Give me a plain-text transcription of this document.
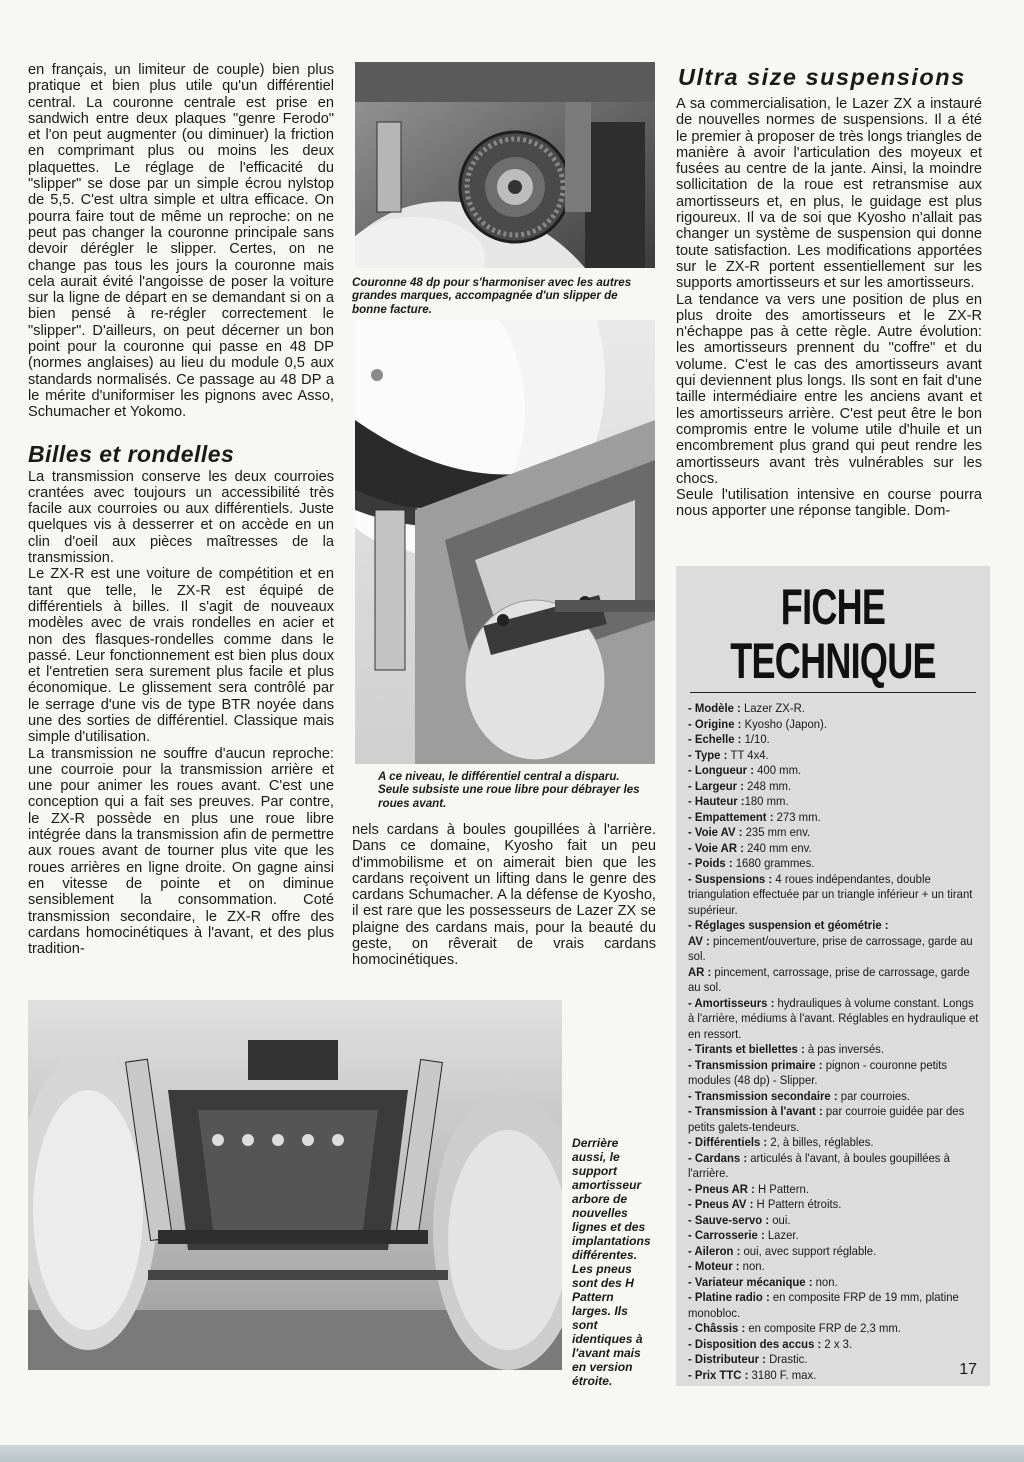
en français, un limiteur de couple) bien plus pratique et bien plus utile qu'un différentiel central. La couronne centrale est prise en sandwich entre deux plaques "genre Ferodo" et l'on peut augmenter (ou diminuer) la friction en comprimant plus ou moins les deux plaquettes. Le réglage de l'efficacité du "slipper" se dose par un simple écrou nylstop de 5,5. C'est ultra simple et ultra efficace. On pourra faire tout de même un reproche: on ne peut pas changer la couronne principale sans devoir dérégler le slipper. Certes, on ne change pas tous les jours la couronne mais cela aurait évité l'angoisse de poser la voiture sur la ligne de départ en se demandant si on a bien pensé à re-régler correctement le "slipper". D'ailleurs, on peut décerner un bon point pour la couronne qui passe en 48 DP (normes anglaises) au lieu du module 0,5 aux standards normalisés. Ce passage au 48 DP a le mérite d'uniformiser les pignons avec Asso, Schumacher et Yokomo.

Billes et rondelles

La transmission conserve les deux courroies crantées avec toujours un accessibilité très facile aux courroies ou aux différentiels. Juste quelques vis à desserrer et on accède en un clin d'oeil aux pièces maîtresses de la transmission.

Le ZX-R est une voiture de compétition et en tant que telle, le ZX-R est équipé de différentiels à billes. Il s'agit de nouveaux modèles avec de vrais rondelles en acier et non des flasques-rondelles comme dans le passé. Leur fonctionnement est bien plus doux et l'entretien sera surement plus facile et plus économique. Le glissement sera contrôlé par le serrage d'une vis de type BTR noyée dans une des sorties de différentiel. Classique mais simple d'utilisation.

La transmission ne souffre d'aucun reproche: une courroie pour la transmission arrière et une pour animer les roues avant. C'est une conception qui a fait ses preuves. Par contre, le ZX-R possède en plus une roue libre intégrée dans la transmission afin de permettre aux roues avant de tourner plus vite que les roues arrières en ligne droite. On gagne ainsi en vitesse de pointe et on diminue sensiblement la consommation. Coté transmission secondaire, le ZX-R offre des cardans homocinétiques à l'avant, et des plus tradition-

Couronne 48 dp pour s'harmoniser avec les autres grandes marques, accompagnée d'un slipper de bonne facture.

A ce niveau, le différentiel central a disparu. Seule subsiste une roue libre pour débrayer les roues avant.

nels cardans à boules goupillées à l'arrière. Dans ce domaine, Kyosho fait un peu d'immobilisme et on aimerait bien que les cardans reçoivent un lifting dans le genre des cardans Schumacher. A la défense de Kyosho, il est rare que les possesseurs de Lazer ZX se plaigne des cardans mais, pour la beauté du geste, on rêverait de vrais cardans homocinétiques.

Ultra size suspensions

A sa commercialisation, le Lazer ZX a instauré de nouvelles normes de suspensions. Il a été le premier à proposer de très longs triangles de manière à avoir l'articulation des moyeux et fusées au centre de la jante. Ainsi, la moindre sollicitation de la roue est retransmise aux amortisseurs et, en plus, le guidage est plus rigoureux. Il va de soi que Kyosho n'allait pas changer un système de suspension qui donne toute satisfaction. Les modifications apportées sur le ZX-R portent essentiellement sur les supports amortisseurs et sur les amortisseurs.

La tendance va vers une position de plus en plus droite des amortisseurs et le ZX-R n'échappe pas à cette règle. Autre évolution: les amortisseurs prennent du "coffre" et du volume. C'est le cas des amortisseurs avant qui deviennent plus longs. Ils sont en fait d'une taille intermédiaire entre les anciens avant et les amortisseurs arrière. C'est peut être le bon compromis entre le volume utile d'huile et un encombrement plus grand qui peut rendre les amortisseurs avant très vulnérables sur les chocs.

Seule l'utilisation intensive en course pourra nous apporter une réponse tangible. Dom-

FICHE TECHNIQUE
- Modèle : Lazer ZX-R.
- Origine : Kyosho (Japon).
- Echelle : 1/10.
- Type : TT 4x4.
- Longueur : 400 mm.
- Largeur : 248 mm.
- Hauteur :180 mm.
- Empattement : 273 mm.
- Voie AV : 235 mm env.
- Voie AR : 240 mm env.
- Poids : 1680 grammes.
- Suspensions : 4 roues indépendantes, double triangulation effectuée par un triangle inférieur + un tirant supérieur.
- Réglages suspension et géométrie :
AV : pincement/ouverture, prise de carrossage, garde au sol.
AR : pincement, carrossage, prise de carrossage, garde au sol.
- Amortisseurs : hydrauliques à volume constant. Longs à l'arrière, médiums à l'avant. Réglables en hydraulique et en ressort.
- Tirants et biellettes : à pas inversés.
- Transmission primaire : pignon - couronne petits modules (48 dp) - Slipper.
- Transmission secondaire : par courroies.
- Transmission à l'avant : par courroie guidée par des petits galets-tendeurs.
- Différentiels : 2, à billes, réglables.
- Cardans : articulés à l'avant, à boules goupillées à l'arrière.
- Pneus AR : H Pattern.
- Pneus AV : H Pattern étroits.
- Sauve-servo : oui.
- Carrosserie : Lazer.
- Aileron : oui, avec support réglable.
- Moteur : non.
- Variateur mécanique : non.
- Platine radio : en composite FRP de 19 mm, platine monobloc.
- Châssis : en composite FRP de 2,3 mm.
- Disposition des accus : 2 x 3.
- Distributeur : Drastic.
- Prix TTC : 3180 F. max.

Derrière aussi, le support amortisseur arbore de nouvelles lignes et des implantations différentes. Les pneus sont des H Pattern larges. Ils sont identiques à l'avant mais en version étroite.

17
